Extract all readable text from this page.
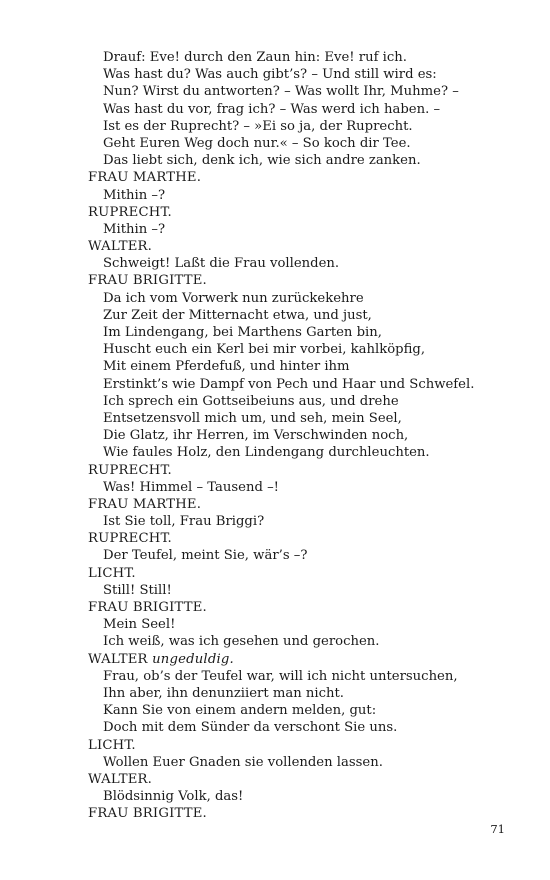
Drauf: Eve! durch den Zaun hin: Eve! ruf ich.
Was hast du? Was auch gibt’s? – Und still wird es:
Nun? Wirst du antworten? – Was wollt Ihr, Muhme? –
Was hast du vor, frag ich? – Was werd ich haben. –
Ist es der Ruprecht? – »Ei so ja, der Ruprecht.
Geht Euren Weg doch nur.« – So koch dir Tee.
Das liebt sich, denk ich, wie sich andre zanken.
FRAU MARTHE.
Mithin –?
RUPRECHT.
Mithin –?
WALTER.
Schweigt! Laßt die Frau vollenden.
FRAU BRIGITTE.
Da ich vom Vorwerk nun zurückekehre
Zur Zeit der Mitternacht etwa, und just,
Im Lindengang, bei Marthens Garten bin,
Huscht euch ein Kerl bei mir vorbei, kahlköpfig,
Mit einem Pferdefuß, und hinter ihm
Erstinkt’s wie Dampf von Pech und Haar und Schwefel.
Ich sprech ein Gottseibeiuns aus, und drehe
Entsetzensvoll mich um, und seh, mein Seel,
Die Glatz, ihr Herren, im Verschwinden noch,
Wie faules Holz, den Lindengang durchleuchten.
RUPRECHT.
Was! Himmel – Tausend –!
FRAU MARTHE.
Ist Sie toll, Frau Briggi?
RUPRECHT.
Der Teufel, meint Sie, wär’s –?
LICHT.
Still! Still!
FRAU BRIGITTE.
Mein Seel!
Ich weiß, was ich gesehen und gerochen.
WALTER ungeduldig.
Frau, ob’s der Teufel war, will ich nicht untersuchen,
Ihn aber, ihn denunziiert man nicht.
Kann Sie von einem andern melden, gut:
Doch mit dem Sünder da verschont Sie uns.
LICHT.
Wollen Euer Gnaden sie vollenden lassen.
WALTER.
Blödsinnig Volk, das!
FRAU BRIGITTE.
71
